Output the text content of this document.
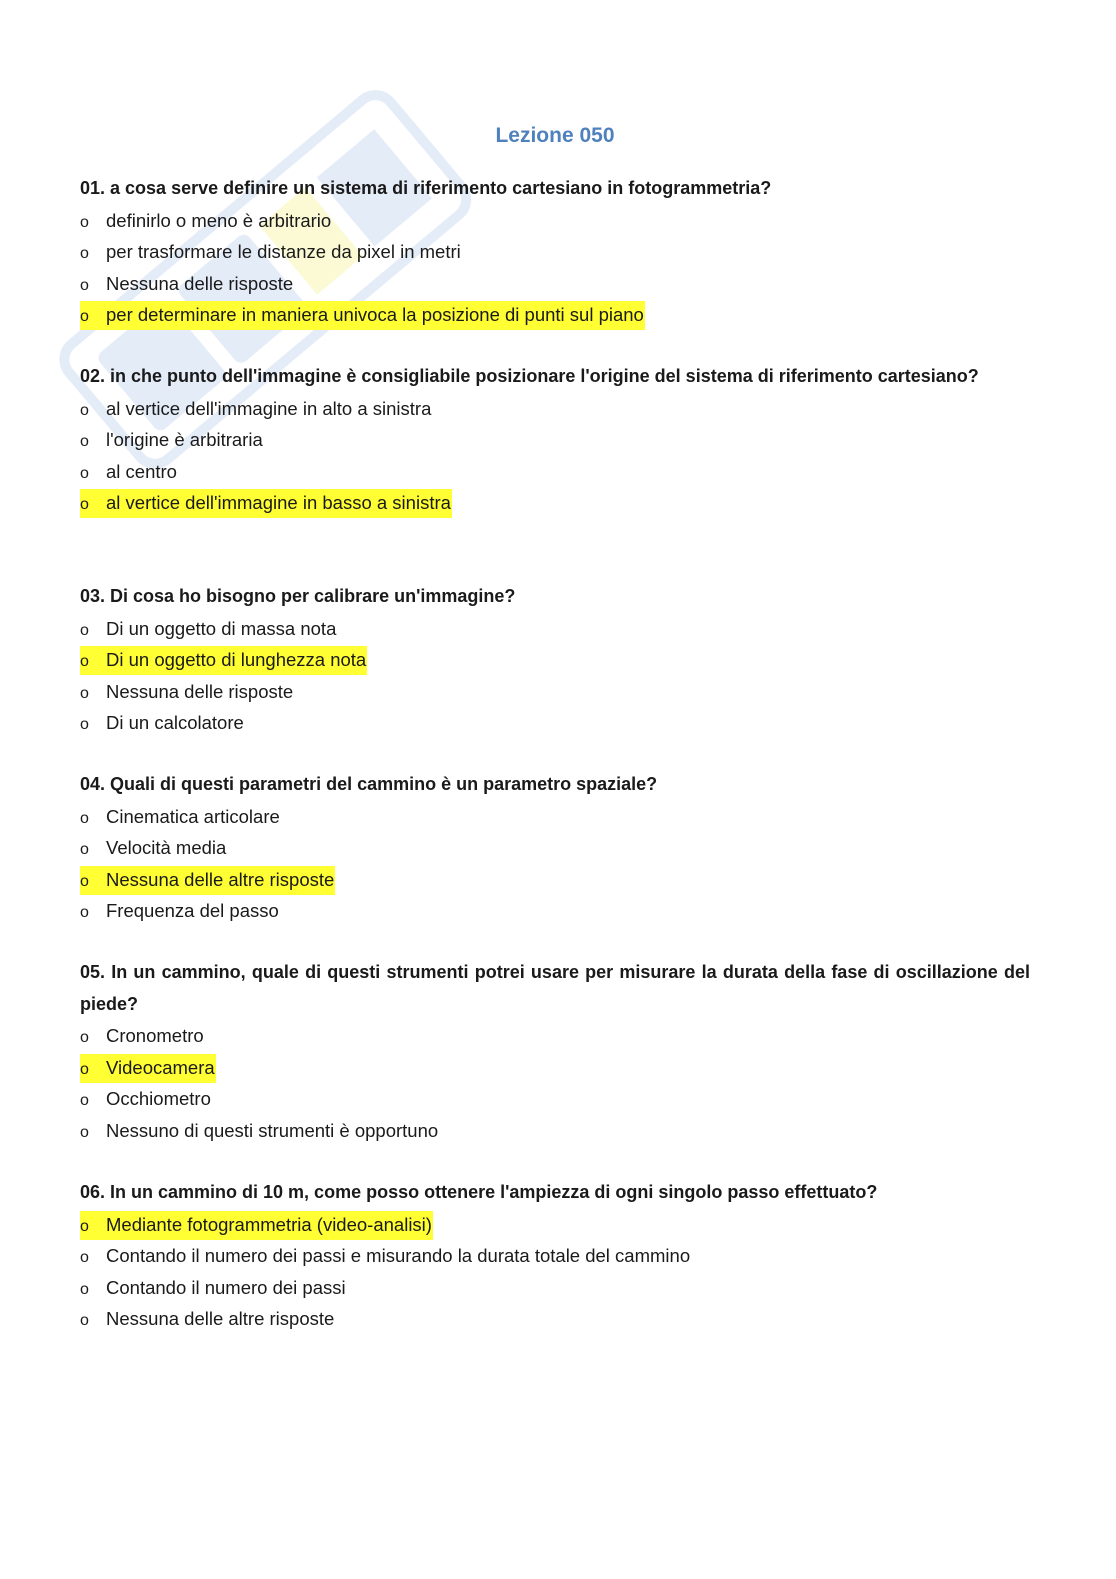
Lezione 050

01. a cosa serve definire un sistema di riferimento cartesiano in fotogrammetria?

o definirlo o meno è arbitrario
o per trasformare le distanze da pixel in metri
o Nessuna delle risposte
o per determinare in maniera univoca la posizione di punti sul piano

02. in che punto dell'immagine è consigliabile posizionare l'origine del sistema di riferimento cartesiano?

o al vertice dell'immagine in alto a sinistra
o l'origine è arbitraria
o al centro
o al vertice dell'immagine in basso a sinistra

03. Di cosa ho bisogno per calibrare un'immagine?

o Di un oggetto di massa nota
o Di un oggetto di lunghezza nota
o Nessuna delle risposte
o Di un calcolatore

04. Quali di questi parametri del cammino è un parametro spaziale?

o Cinematica articolare
o Velocità media
o Nessuna delle altre risposte
o Frequenza del passo

05. In un cammino, quale di questi strumenti potrei usare per misurare la durata della fase di oscillazione del piede?

o Cronometro
o Videocamera
o Occhiometro
o Nessuno di questi strumenti è opportuno

06. In un cammino di 10 m, come posso ottenere l'ampiezza di ogni singolo passo effettuato?

o Mediante fotogrammetria (video-analisi)
o Contando il numero dei passi e misurando la durata totale del cammino
o Contando il numero dei passi
o Nessuna delle altre risposte
